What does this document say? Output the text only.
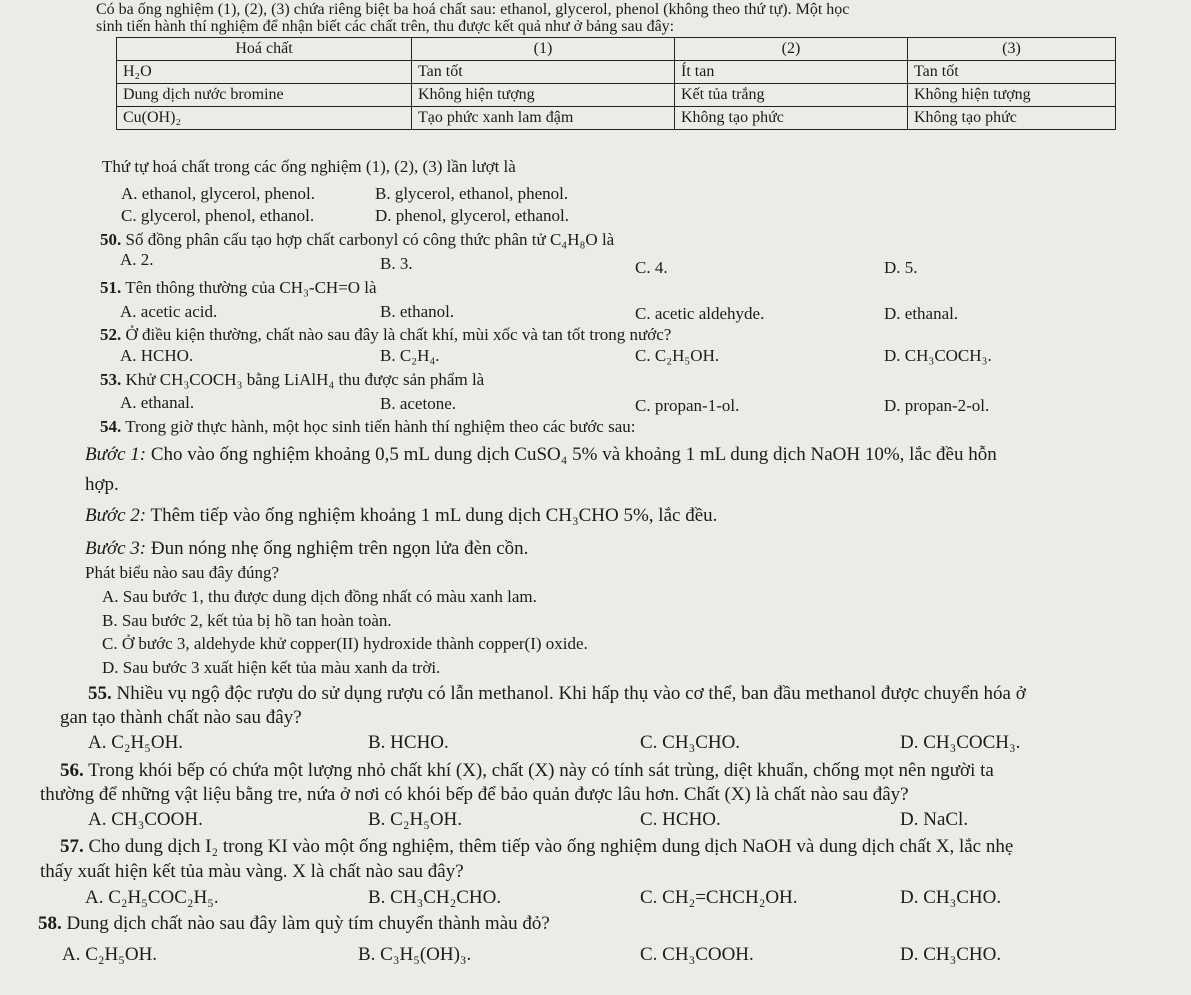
Có ba ống nghiệm (1), (2), (3) chứa riêng biệt ba hoá chất sau: ethanol, glycerol, phenol (không theo thứ tự). Một học
sinh tiến hành thí nghiệm để nhận biết các chất trên, thu được kết quả như ở bảng sau đây:
Hoá chất	(1)	(2)	(3)
H₂O	Tan tốt	Ít tan	Tan tốt
Dung dịch nước bromine	Không hiện tượng	Kết tủa trắng	Không hiện tượng
Cu(OH)₂	Tạo phức xanh lam đậm	Không tạo phức	Không tạo phức
Thứ tự hoá chất trong các ống nghiệm (1), (2), (3) lần lượt là
A. ethanol, glycerol, phenol.	B. glycerol, ethanol, phenol.
C. glycerol, phenol, ethanol.	D. phenol, glycerol, ethanol.
50. Số đồng phân cấu tạo hợp chất carbonyl có công thức phân tử C₄H₈O là
A. 2.	B. 3.	C. 4.	D. 5.
51. Tên thông thường của CH₃-CH=O là
A. acetic acid.	B. ethanol.	C. acetic aldehyde.	D. ethanal.
52. Ở điều kiện thường, chất nào sau đây là chất khí, mùi xốc và tan tốt trong nước?
A. HCHO.	B. C₂H₄.	C. C₂H₅OH.	D. CH₃COCH₃.
53. Khử CH₃COCH₃ bằng LiAlH₄ thu được sản phẩm là
A. ethanal.	B. acetone.	C. propan-1-ol.	D. propan-2-ol.
54. Trong giờ thực hành, một học sinh tiến hành thí nghiệm theo các bước sau:
Bước 1: Cho vào ống nghiệm khoảng 0,5 mL dung dịch CuSO₄ 5% và khoảng 1 mL dung dịch NaOH 10%, lắc đều hỗn
hợp.
Bước 2: Thêm tiếp vào ống nghiệm khoảng 1 mL dung dịch CH₃CHO 5%, lắc đều.
Bước 3: Đun nóng nhẹ ống nghiệm trên ngọn lửa đèn cồn.
Phát biểu nào sau đây đúng?
A. Sau bước 1, thu được dung dịch đồng nhất có màu xanh lam.
B. Sau bước 2, kết tủa bị hồ tan hoàn toàn.
C. Ở bước 3, aldehyde khử copper(II) hydroxide thành copper(I) oxide.
D. Sau bước 3 xuất hiện kết tủa màu xanh da trời.
55. Nhiều vụ ngộ độc rượu do sử dụng rượu có lẫn methanol. Khi hấp thụ vào cơ thể, ban đầu methanol được chuyển hóa ở
gan tạo thành chất nào sau đây?
A. C₂H₅OH.	B. HCHO.	C. CH₃CHO.	D. CH₃COCH₃.
56. Trong khói bếp có chứa một lượng nhỏ chất khí (X), chất (X) này có tính sát trùng, diệt khuẩn, chống mọt nên người ta
thường để những vật liệu bằng tre, nứa ở nơi có khói bếp để bảo quản được lâu hơn. Chất (X) là chất nào sau đây?
A. CH₃COOH.	B. C₂H₅OH.	C. HCHO.	D. NaCl.
57. Cho dung dịch I₂ trong KI vào một ống nghiệm, thêm tiếp vào ống nghiệm dung dịch NaOH và dung dịch chất X, lắc nhẹ
thấy xuất hiện kết tủa màu vàng. X là chất nào sau đây?
A. C₂H₅COC₂H₅.	B. CH₃CH₂CHO.	C. CH₂=CHCH₂OH.	D. CH₃CHO.
58. Dung dịch chất nào sau đây làm quỳ tím chuyển thành màu đỏ?
A. C₂H₅OH.	B. C₃H₅(OH)₃.	C. CH₃COOH.	D. CH₃CHO.
